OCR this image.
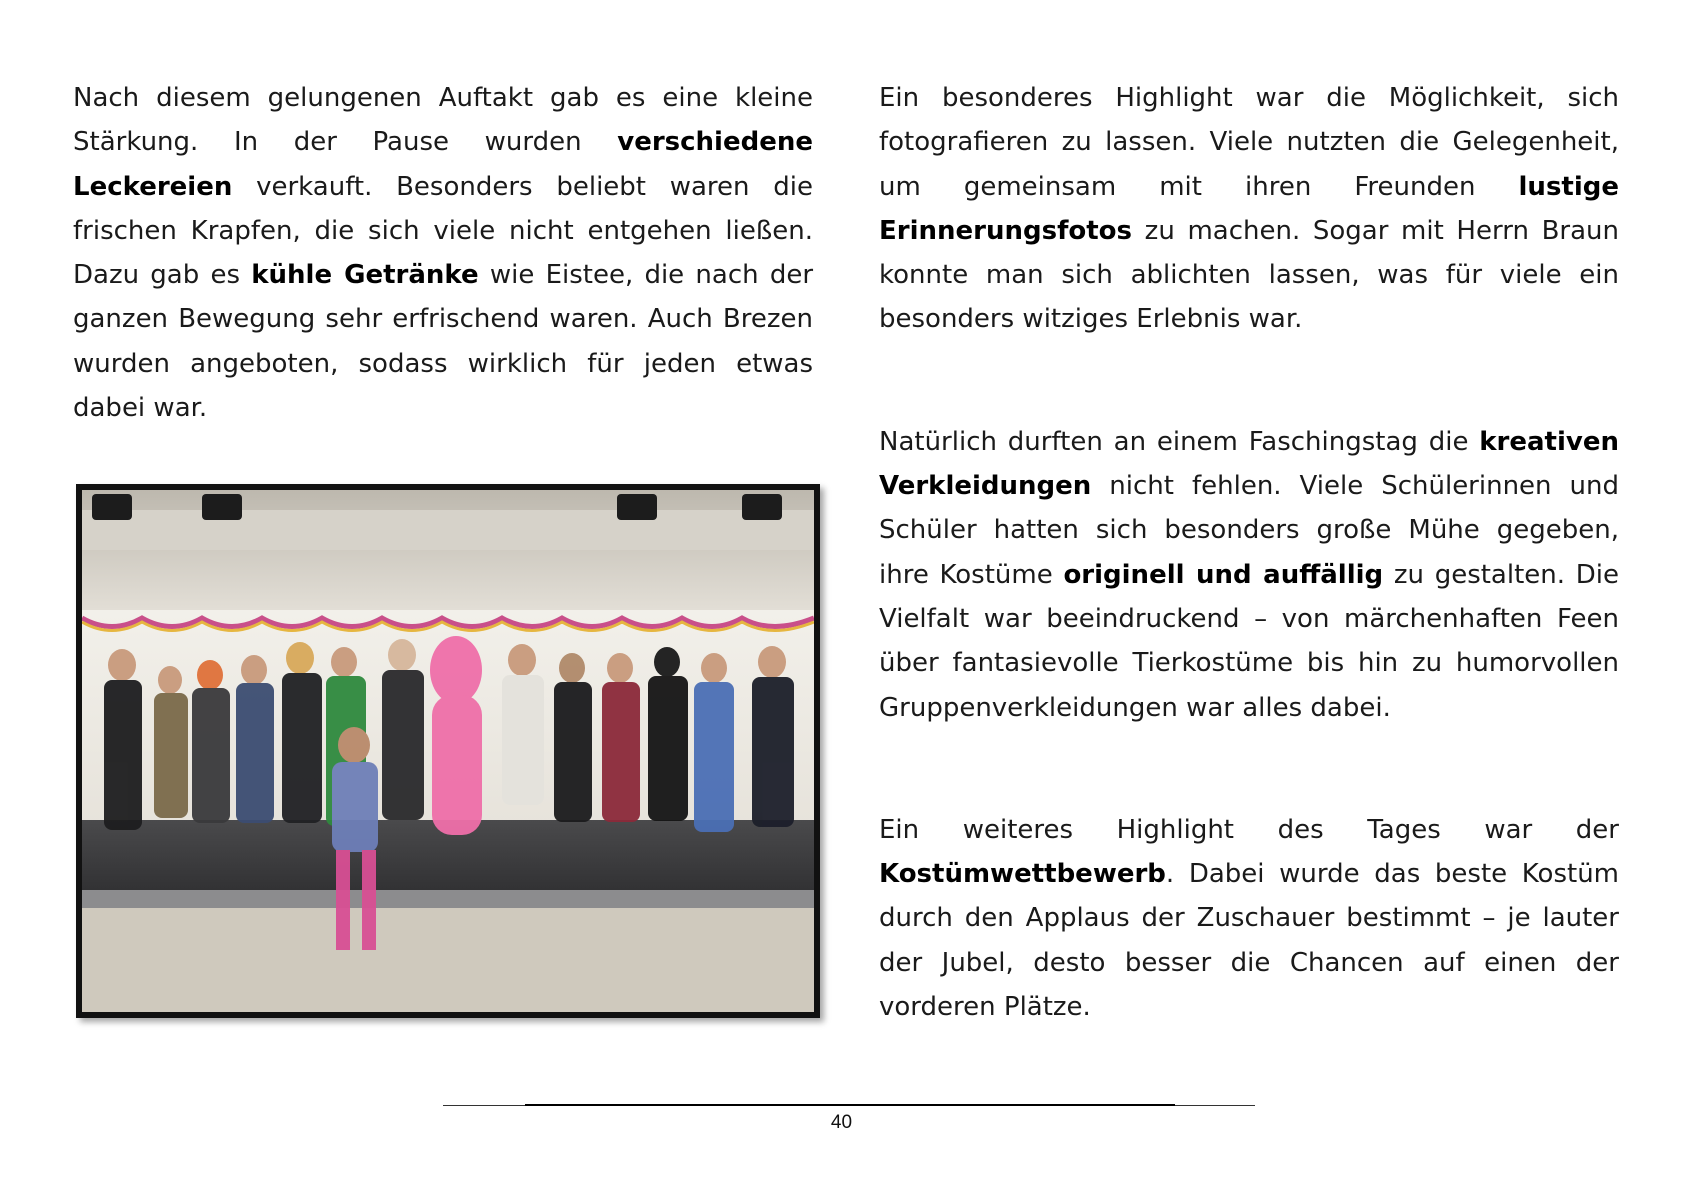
Nach diesem gelungenen Auftakt gab es eine kleine Stärkung. In der Pause wurden verschiedene Leckereien verkauft. Besonders beliebt waren die frischen Krapfen, die sich viele nicht entgehen ließen. Dazu gab es kühle Getränke wie Eistee, die nach der ganzen Bewegung sehr erfrischend waren. Auch Brezen wurden angeboten, sodass wirklich für jeden etwas dabei war.

Ein besonderes Highlight war die Möglichkeit, sich fotografieren zu lassen. Viele nutzten die Gelegenheit, um gemeinsam mit ihren Freunden lustige Erinnerungsfotos zu machen. Sogar mit Herrn Braun konnte man sich ablichten lassen, was für viele ein besonders witziges Erlebnis war.

Natürlich durften an einem Faschingstag die kreativen Verkleidungen nicht fehlen. Viele Schülerinnen und Schüler hatten sich besonders große Mühe gegeben, ihre Kostüme originell und auffällig zu gestalten. Die Vielfalt war beeindruckend – von märchenhaften Feen über fantasievolle Tierkostüme bis hin zu humorvollen Gruppenverkleidungen war alles dabei.

Ein weiteres Highlight des Tages war der Kostümwettbewerb. Dabei wurde das beste Kostüm durch den Applaus der Zuschauer bestimmt – je lauter der Jubel, desto besser die Chancen auf einen der vorderen Plätze.

40
